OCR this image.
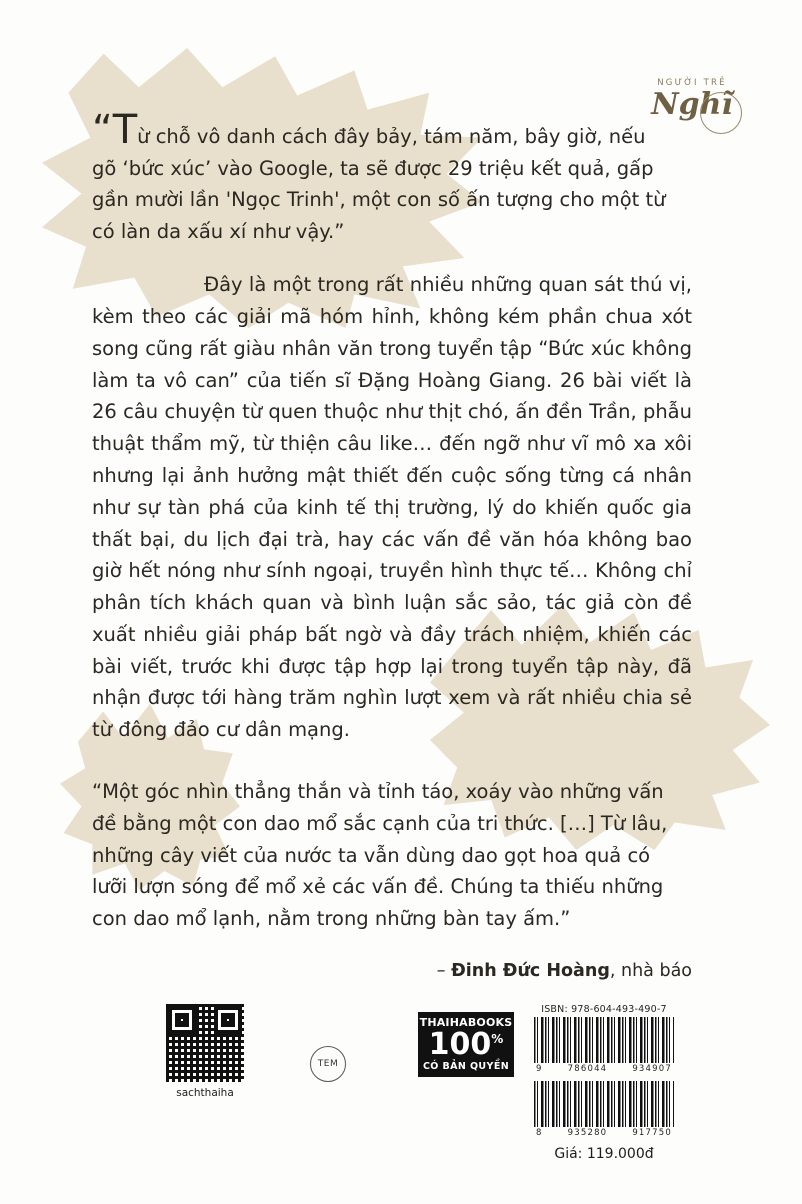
NGƯỜI TRẺ
Nghĩ
“Từ chỗ vô danh cách đây bảy, tám năm, bây giờ, nếu gõ ‘bức xúc’ vào Google, ta sẽ được 29 triệu kết quả, gấp gần mười lần 'Ngọc Trinh', một con số ấn tượng cho một từ có làn da xấu xí như vậy.”
Đây là một trong rất nhiều những quan sát thú vị, kèm theo các giải mã hóm hỉnh, không kém phần chua xót song cũng rất giàu nhân văn trong tuyển tập “Bức xúc không làm ta vô can” của tiến sĩ Đặng Hoàng Giang. 26 bài viết là 26 câu chuyện từ quen thuộc như thịt chó, ấn đền Trần, phẫu thuật thẩm mỹ, từ thiện câu like… đến ngỡ như vĩ mô xa xôi nhưng lại ảnh hưởng mật thiết đến cuộc sống từng cá nhân như sự tàn phá của kinh tế thị trường, lý do khiến quốc gia thất bại, du lịch đại trà, hay các vấn đề văn hóa không bao giờ hết nóng như sính ngoại, truyền hình thực tế… Không chỉ phân tích khách quan và bình luận sắc sảo, tác giả còn đề xuất nhiều giải pháp bất ngờ và đầy trách nhiệm, khiến các bài viết, trước khi được tập hợp lại trong tuyển tập này, đã nhận được tới hàng trăm nghìn lượt xem và rất nhiều chia sẻ từ đông đảo cư dân mạng.
“Một góc nhìn thẳng thắn và tỉnh táo, xoáy vào những vấn đề bằng một con dao mổ sắc cạnh của tri thức. […] Từ lâu, những cây viết của nước ta vẫn dùng dao gọt hoa quả có lưỡi lượn sóng để mổ xẻ các vấn đề. Chúng ta thiếu những con dao mổ lạnh, nằm trong những bàn tay ấm.”
– Đinh Đức Hoàng, nhà báo
sachthaiha
TEM
THAIHABOOKS
100%
CÓ BẢN QUYỀN
ISBN: 978-604-493-490-7
9	786044	934907
8	935280	917750
Giá: 119.000đ
